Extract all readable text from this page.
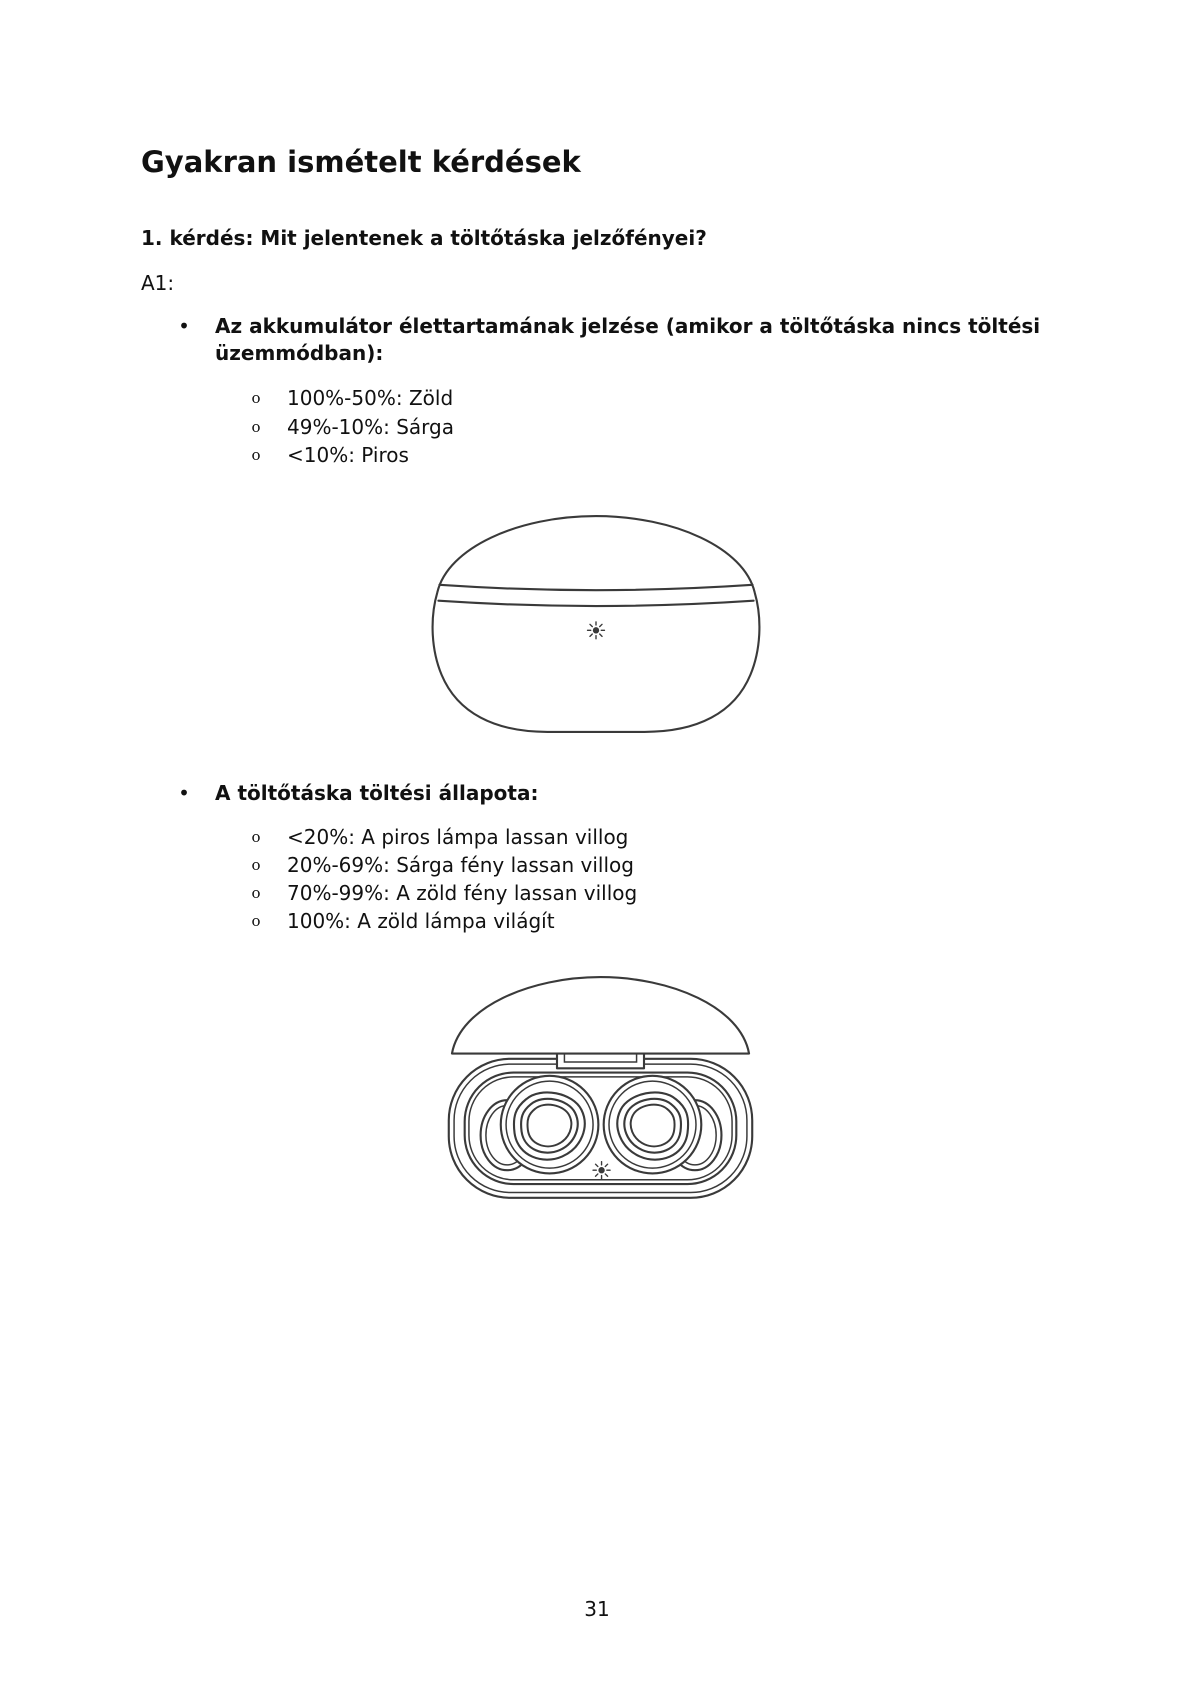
Gyakran ismételt kérdések
1. kérdés: Mit jelentenek a töltőtáska jelzőfényei?
A1:
• Az akkumulátor élettartamának jelzése (amikor a töltőtáska nincs töltési üzemmódban):
o 100%-50%: Zöld
o 49%-10%: Sárga
o <10%: Piros
• A töltőtáska töltési állapota:
o <20%: A piros lámpa lassan villog
o 20%-69%: Sárga fény lassan villog
o 70%-99%: A zöld fény lassan villog
o 100%: A zöld lámpa világít
31
